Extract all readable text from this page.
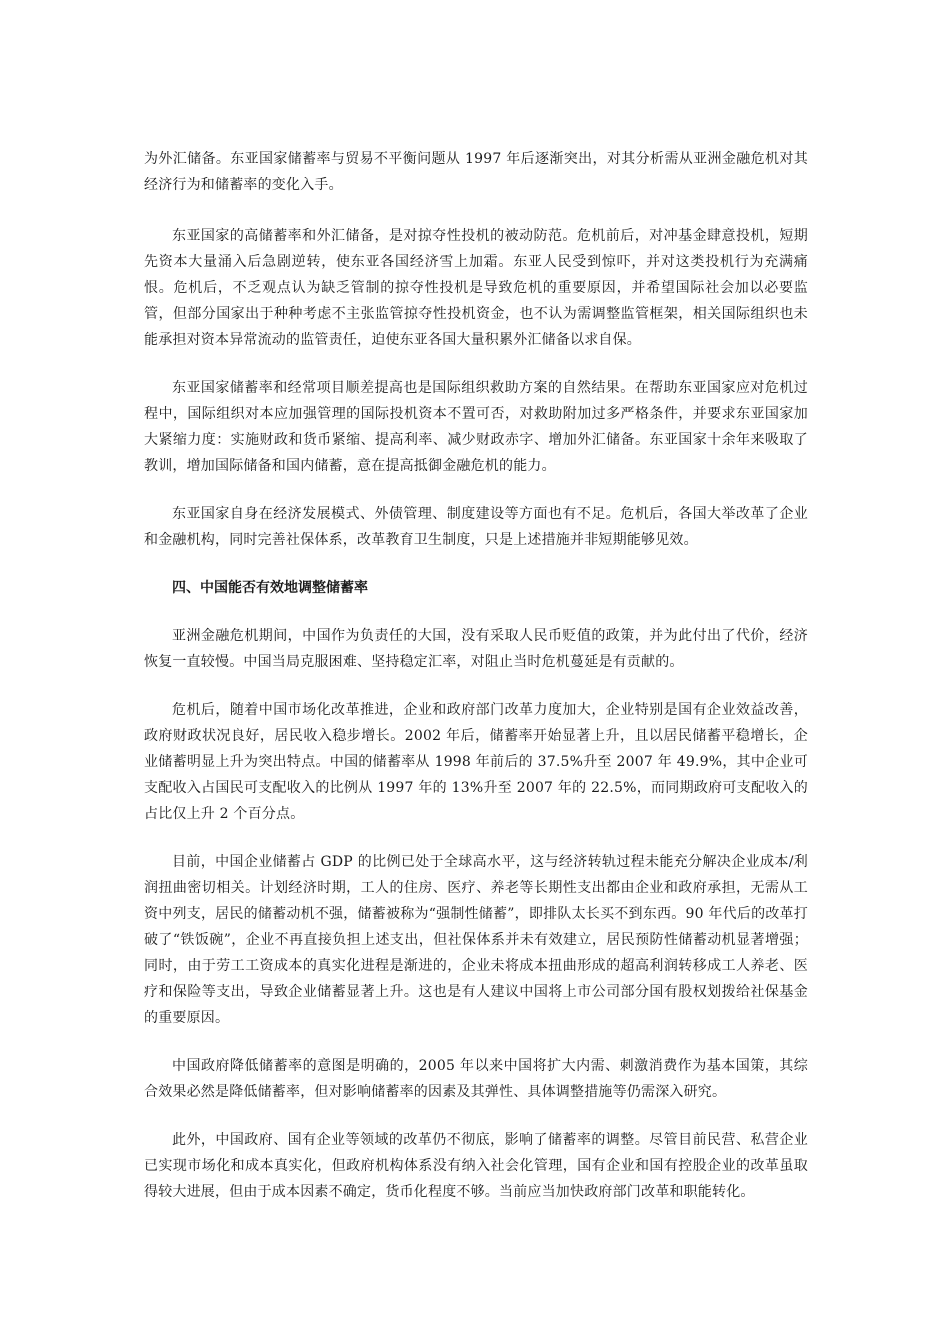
为外汇储备。东亚国家储蓄率与贸易不平衡问题从 1997 年后逐渐突出，对其分析需从亚洲金融危机对其经济行为和储蓄率的变化入手。

东亚国家的高储蓄率和外汇储备，是对掠夺性投机的被动防范。危机前后，对冲基金肆意投机，短期先资本大量涌入后急剧逆转，使东亚各国经济雪上加霜。东亚人民受到惊吓，并对这类投机行为充满痛恨。危机后，不乏观点认为缺乏管制的掠夺性投机是导致危机的重要原因，并希望国际社会加以必要监管，但部分国家出于种种考虑不主张监管掠夺性投机资金，也不认为需调整监管框架，相关国际组织也未能承担对资本异常流动的监管责任，迫使东亚各国大量积累外汇储备以求自保。

东亚国家储蓄率和经常项目顺差提高也是国际组织救助方案的自然结果。在帮助东亚国家应对危机过程中，国际组织对本应加强管理的国际投机资本不置可否，对救助附加过多严格条件，并要求东亚国家加大紧缩力度：实施财政和货币紧缩、提高利率、减少财政赤字、增加外汇储备。东亚国家十余年来吸取了教训，增加国际储备和国内储蓄，意在提高抵御金融危机的能力。

东亚国家自身在经济发展模式、外债管理、制度建设等方面也有不足。危机后，各国大举改革了企业和金融机构，同时完善社保体系，改革教育卫生制度，只是上述措施并非短期能够见效。

四、中国能否有效地调整储蓄率

亚洲金融危机期间，中国作为负责任的大国，没有采取人民币贬值的政策，并为此付出了代价，经济恢复一直较慢。中国当局克服困难、坚持稳定汇率，对阻止当时危机蔓延是有贡献的。

危机后，随着中国市场化改革推进，企业和政府部门改革力度加大，企业特别是国有企业效益改善，政府财政状况良好，居民收入稳步增长。2002 年后，储蓄率开始显著上升，且以居民储蓄平稳增长，企业储蓄明显上升为突出特点。中国的储蓄率从 1998 年前后的 37.5%升至 2007 年 49.9%，其中企业可支配收入占国民可支配收入的比例从 1997 年的 13%升至 2007 年的 22.5%，而同期政府可支配收入的占比仅上升 2 个百分点。

目前，中国企业储蓄占 GDP 的比例已处于全球高水平，这与经济转轨过程未能充分解决企业成本/利润扭曲密切相关。计划经济时期，工人的住房、医疗、养老等长期性支出都由企业和政府承担，无需从工资中列支，居民的储蓄动机不强，储蓄被称为“强制性储蓄”，即排队太长买不到东西。90 年代后的改革打破了“铁饭碗”，企业不再直接负担上述支出，但社保体系并未有效建立，居民预防性储蓄动机显著增强；同时，由于劳工工资成本的真实化进程是渐进的，企业未将成本扭曲形成的超高利润转移成工人养老、医疗和保险等支出，导致企业储蓄显著上升。这也是有人建议中国将上市公司部分国有股权划拨给社保基金的重要原因。

中国政府降低储蓄率的意图是明确的，2005 年以来中国将扩大内需、刺激消费作为基本国策，其综合效果必然是降低储蓄率，但对影响储蓄率的因素及其弹性、具体调整措施等仍需深入研究。

此外，中国政府、国有企业等领域的改革仍不彻底，影响了储蓄率的调整。尽管目前民营、私营企业已实现市场化和成本真实化，但政府机构体系没有纳入社会化管理，国有企业和国有控股企业的改革虽取得较大进展，但由于成本因素不确定，货币化程度不够。当前应当加快政府部门改革和职能转化。
